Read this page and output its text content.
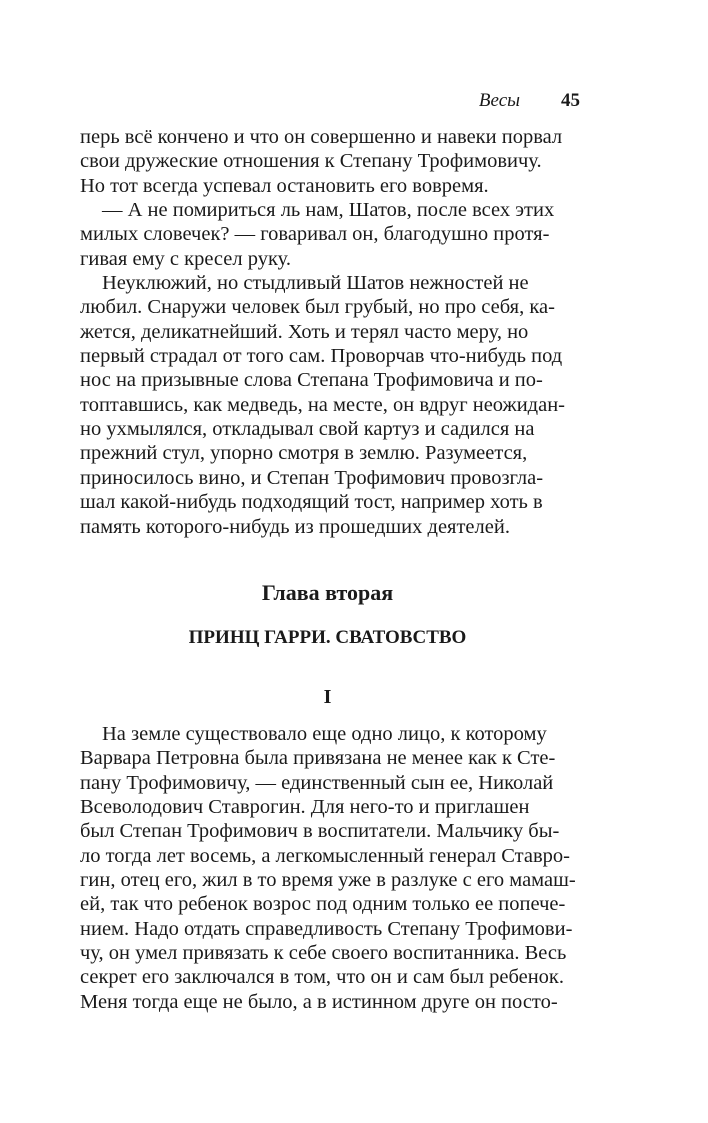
Весы 45
перь всё кончено и что он совершенно и навеки порвал
свои дружеские отношения к Степану Трофимовичу.
Но тот всегда успевал остановить его вовремя.
— А не помириться ль нам, Шатов, после всех этих
милых словечек? — говаривал он, благодушно протя-
гивая ему с кресел руку.
Неуклюжий, но стыдливый Шатов нежностей не
любил. Снаружи человек был грубый, но про себя, ка-
жется, деликатнейший. Хоть и терял часто меру, но
первый страдал от того сам. Проворчав что-нибудь под
нос на призывные слова Степана Трофимовича и по-
топтавшись, как медведь, на месте, он вдруг неожидан-
но ухмылялся, откладывал свой картуз и садился на
прежний стул, упорно смотря в землю. Разумеется,
приносилось вино, и Степан Трофимович провозгла-
шал какой-нибудь подходящий тост, например хоть в
память которого-нибудь из прошедших деятелей.
Глава вторая
ПРИНЦ ГАРРИ. СВАТОВСТВО
I
На земле существовало еще одно лицо, к которому
Варвара Петровна была привязана не менее как к Сте-
пану Трофимовичу, — единственный сын ее, Николай
Всеволодович Ставрогин. Для него-то и приглашен
был Степан Трофимович в воспитатели. Мальчику бы-
ло тогда лет восемь, а легкомысленный генерал Ставро-
гин, отец его, жил в то время уже в разлуке с его мамаш-
ей, так что ребенок возрос под одним только ее попече-
нием. Надо отдать справедливость Степану Трофимови-
чу, он умел привязать к себе своего воспитанника. Весь
секрет его заключался в том, что он и сам был ребенок.
Меня тогда еще не было, а в истинном друге он посто-
